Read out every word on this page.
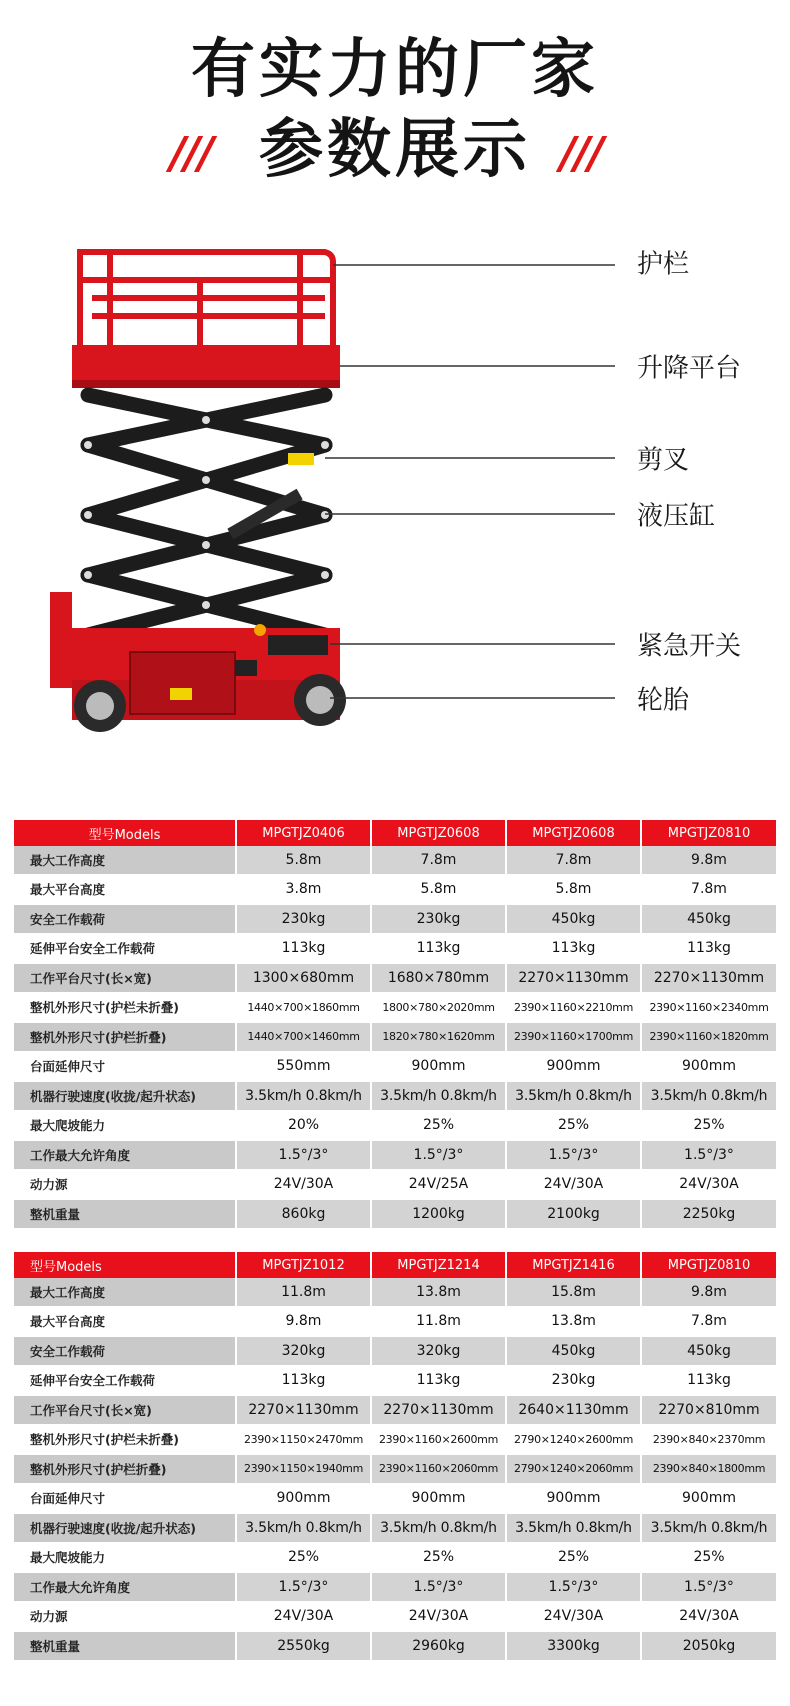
有实力的厂家
/// 参数展示 ///
护栏
升降平台
剪叉
液压缸
紧急开关
轮胎
型号Models	MPGTJZ0406	MPGTJZ0608	MPGTJZ0608	MPGTJZ0810
最大工作高度	5.8m	7.8m	7.8m	9.8m
最大平台高度	3.8m	5.8m	5.8m	7.8m
安全工作载荷	230kg	230kg	450kg	450kg
延伸平台安全工作载荷	113kg	113kg	113kg	113kg
工作平台尺寸(长×宽)	1300×680mm	1680×780mm	2270×1130mm	2270×1130mm
整机外形尺寸(护栏未折叠)	1440×700×1860mm	1800×780×2020mm	2390×1160×2210mm	2390×1160×2340mm
整机外形尺寸(护栏折叠)	1440×700×1460mm	1820×780×1620mm	2390×1160×1700mm	2390×1160×1820mm
台面延伸尺寸	550mm	900mm	900mm	900mm
机器行驶速度(收拢/起升状态)	3.5km/h 0.8km/h	3.5km/h 0.8km/h	3.5km/h 0.8km/h	3.5km/h 0.8km/h
最大爬坡能力	20%	25%	25%	25%
工作最大允许角度	1.5°/3°	1.5°/3°	1.5°/3°	1.5°/3°
动力源	24V/30A	24V/25A	24V/30A	24V/30A
整机重量	860kg	1200kg	2100kg	2250kg
型号Models	MPGTJZ1012	MPGTJZ1214	MPGTJZ1416	MPGTJZ0810
最大工作高度	11.8m	13.8m	15.8m	9.8m
最大平台高度	9.8m	11.8m	13.8m	7.8m
安全工作载荷	320kg	320kg	450kg	450kg
延伸平台安全工作载荷	113kg	113kg	230kg	113kg
工作平台尺寸(长×宽)	2270×1130mm	2270×1130mm	2640×1130mm	2270×810mm
整机外形尺寸(护栏未折叠)	2390×1150×2470mm	2390×1160×2600mm	2790×1240×2600mm	2390×840×2370mm
整机外形尺寸(护栏折叠)	2390×1150×1940mm	2390×1160×2060mm	2790×1240×2060mm	2390×840×1800mm
台面延伸尺寸	900mm	900mm	900mm	900mm
机器行驶速度(收拢/起升状态)	3.5km/h 0.8km/h	3.5km/h 0.8km/h	3.5km/h 0.8km/h	3.5km/h 0.8km/h
最大爬坡能力	25%	25%	25%	25%
工作最大允许角度	1.5°/3°	1.5°/3°	1.5°/3°	1.5°/3°
动力源	24V/30A	24V/30A	24V/30A	24V/30A
整机重量	2550kg	2960kg	3300kg	2050kg
